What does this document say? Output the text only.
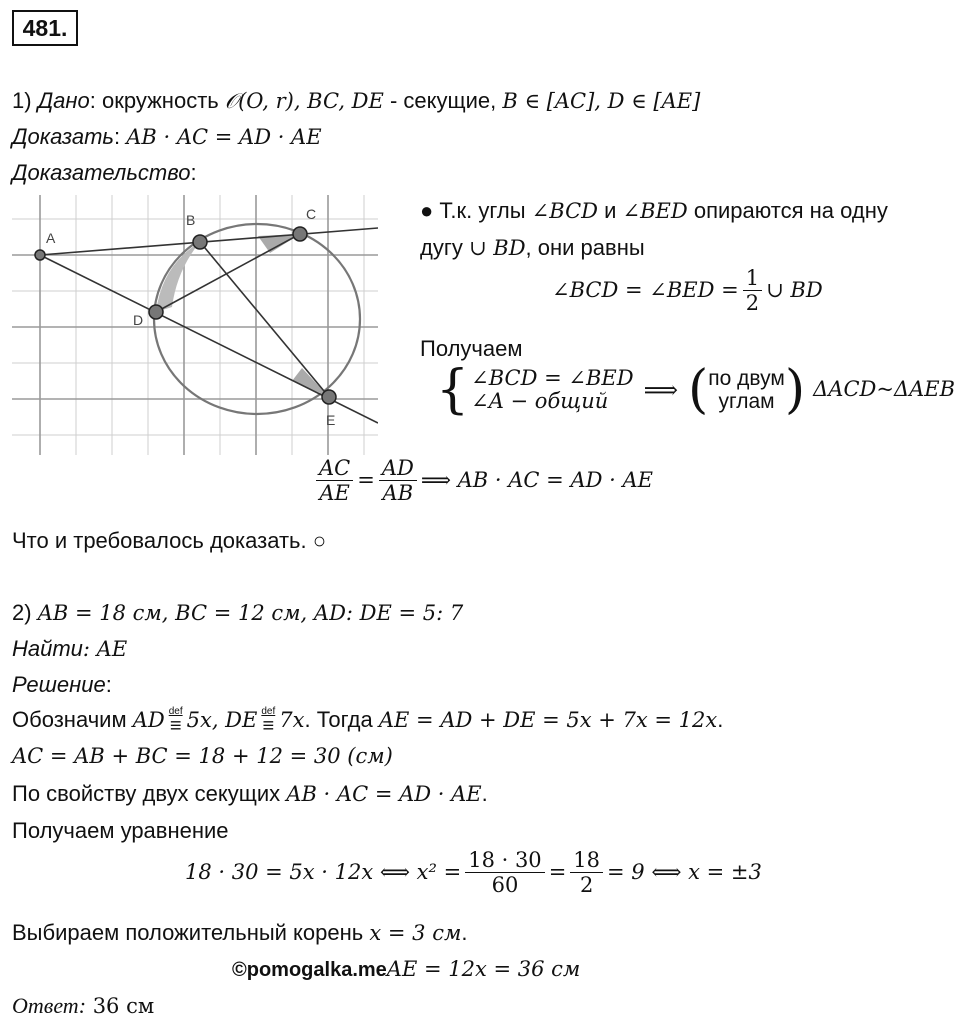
481.
1) Дано: окружность 𝒪(O, r), BC, DE - секущие, B ∈ [AC], D ∈ [AE]
Доказать: AB · AC = AD · AE
Доказательство:
A
B	C
D
E
● Т.к. углы ∠BCD и ∠BED опираются на одну
дугу ∪ BD, они равны
∠BCD = ∠BED = $\frac{1}{2}$ ∪ BD
Получаем
{ ∠BCD = ∠BED
∠A − общий	⟹ ( по двум
углам ) ΔACD~ΔAEB
$\frac{AC}{AE} = \frac{AD}{AB}$ ⟹ AB · AC = AD · AE
Что и требовалось доказать. ○
2) AB = 18 см, BC = 12 см, AD: DE = 5: 7
Найти: AE
Решение:
Обозначим AD def
≡ 5x, DE def
≡ 7x. Тогда AE = AD + DE = 5x + 7x = 12x.
AC = AB + BC = 18 + 12 = 30 (см)
По свойству двух секущих AB · AC = AD · AE.
Получаем уравнение
18 · 30 = 5x · 12x ⟺ $x^2 = \frac{18 \cdot 30}{60} = \frac{18}{2} = 9$ ⟺ x = ±3
Выбираем положительный корень x = 3 см.
©pomogalka.me AE = 12x = 36 см
Ответ: 36 см
